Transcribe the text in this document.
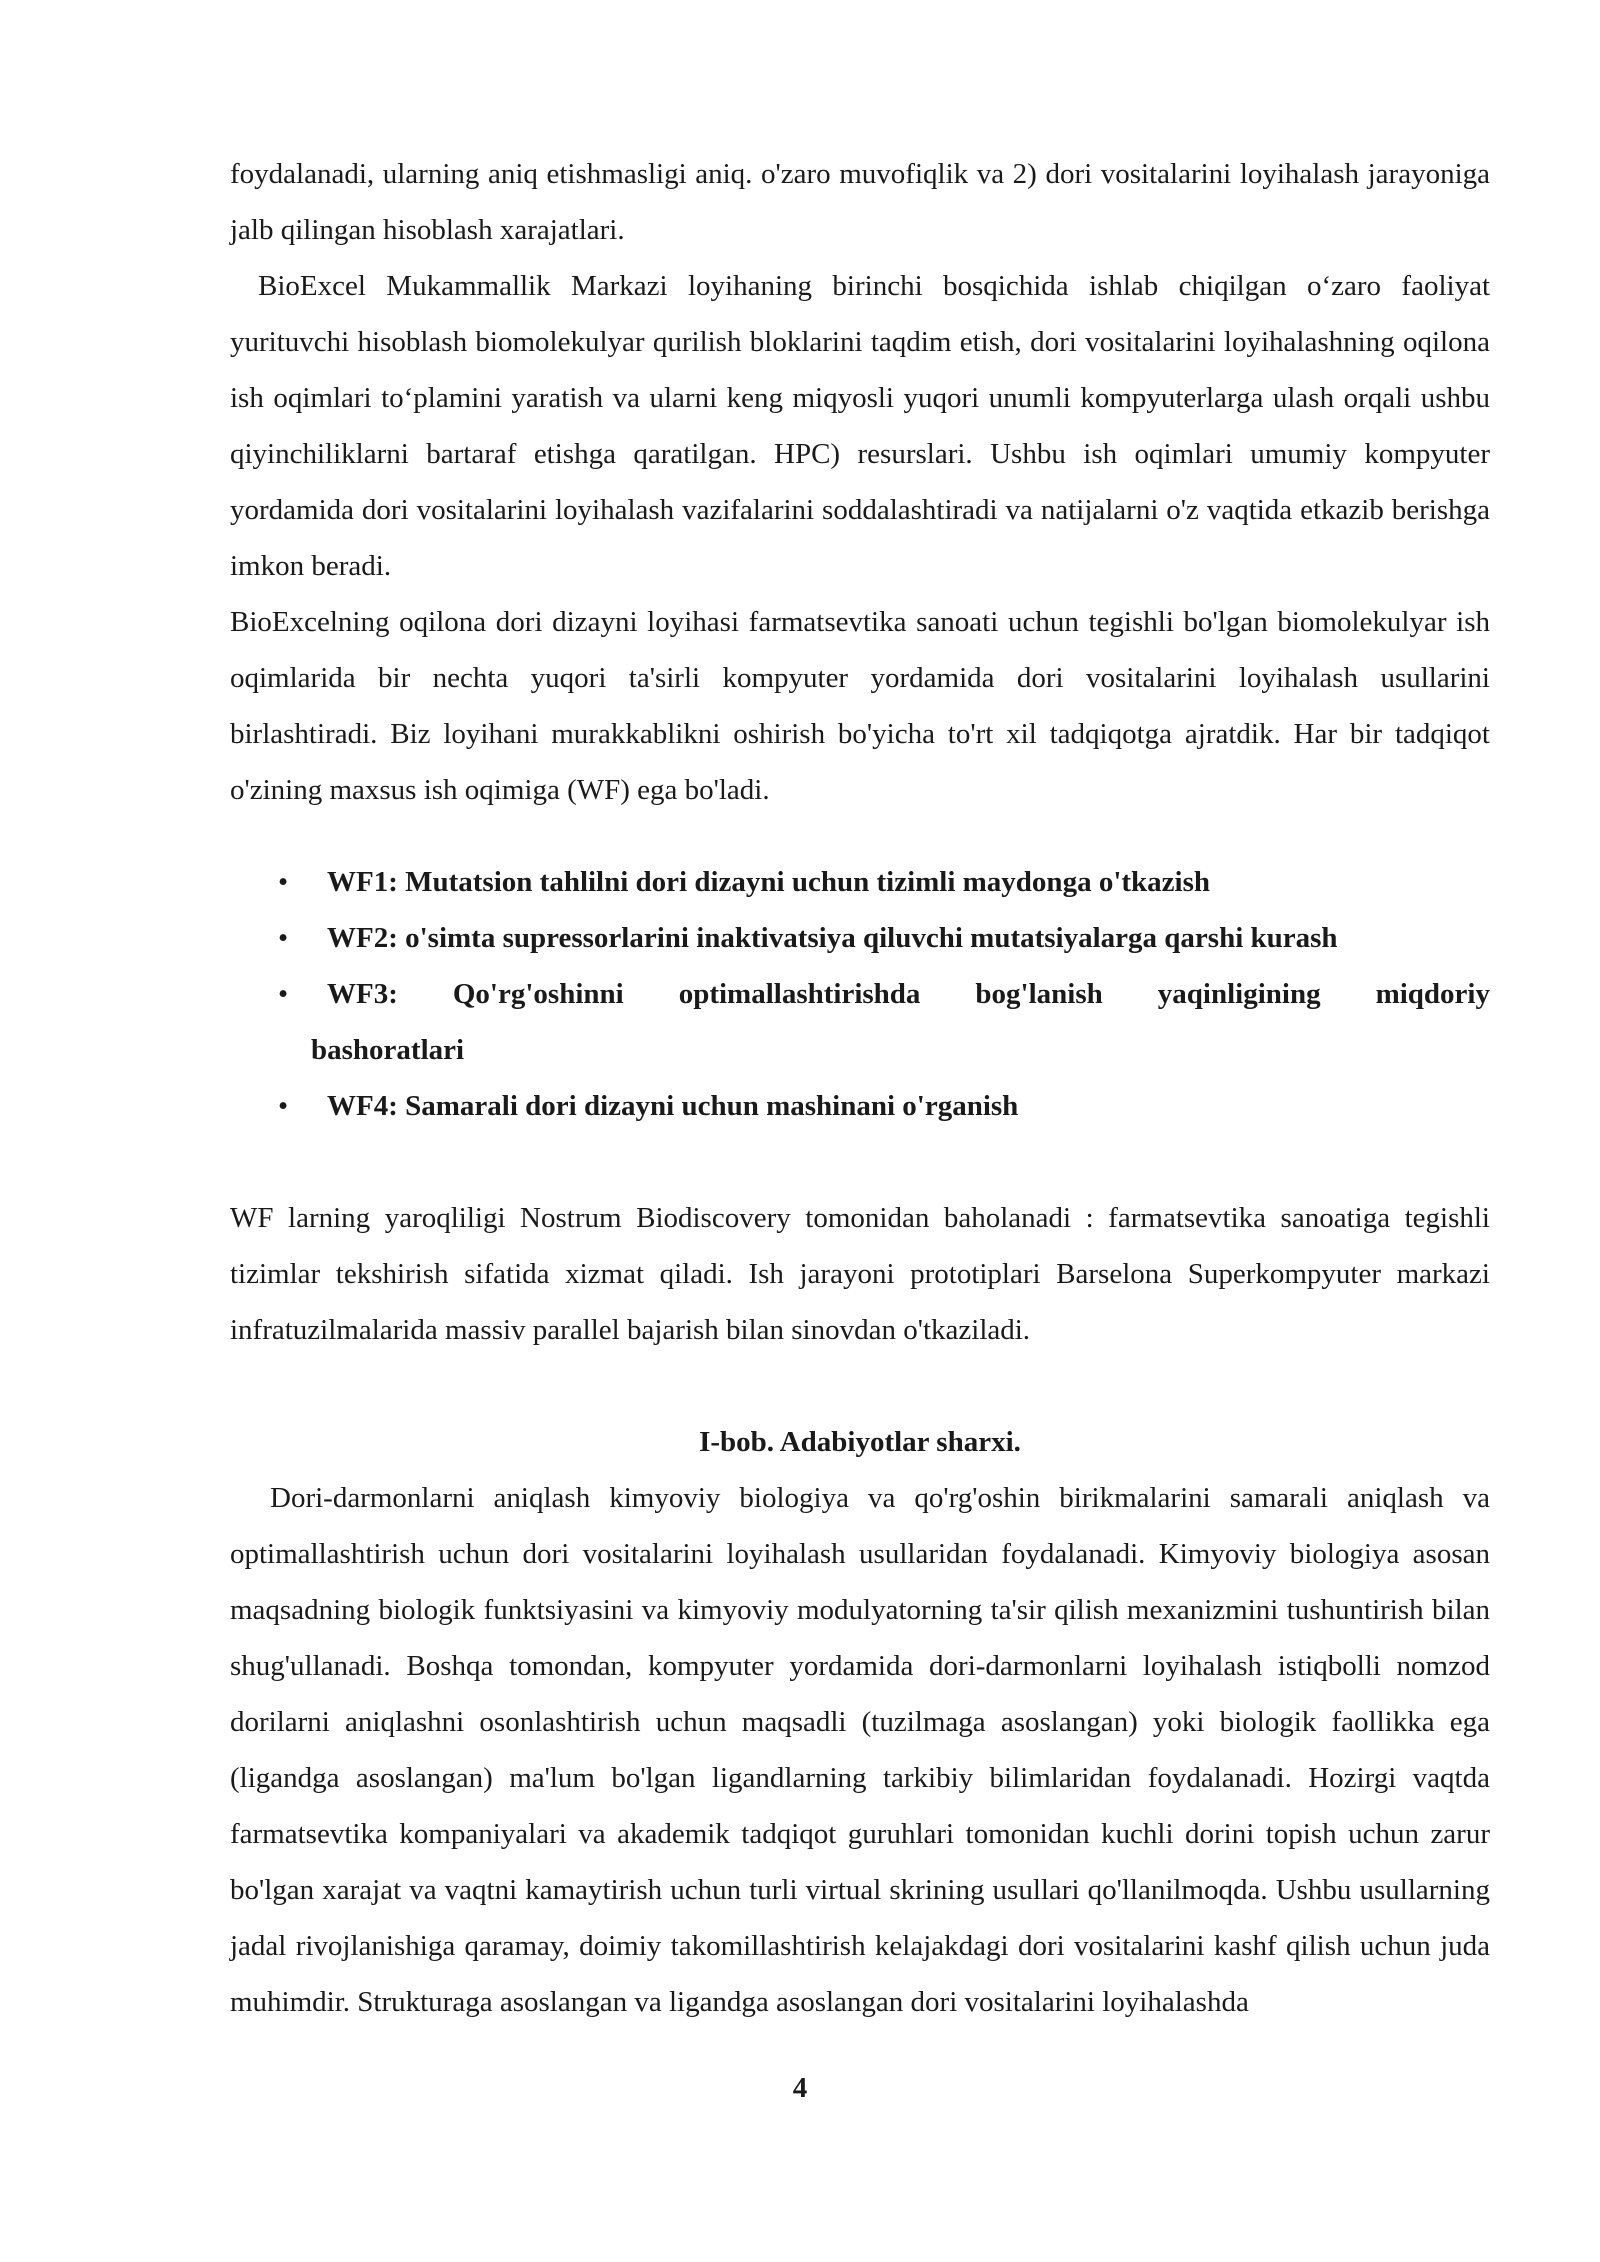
foydalanadi, ularning aniq etishmasligi aniq. o'zaro muvofiqlik va 2) dori vositalarini loyihalash jarayoniga jalb qilingan hisoblash xarajatlari.

BioExcel Mukammallik Markazi loyihaning birinchi bosqichida ishlab chiqilgan o‘zaro faoliyat yurituvchi hisoblash biomolekulyar qurilish bloklarini taqdim etish, dori vositalarini loyihalashning oqilona ish oqimlari to‘plamini yaratish va ularni keng miqyosli yuqori unumli kompyuterlarga ulash orqali ushbu qiyinchiliklarni bartaraf etishga qaratilgan. HPC) resurslari. Ushbu ish oqimlari umumiy kompyuter yordamida dori vositalarini loyihalash vazifalarini soddalashtiradi va natijalarni o'z vaqtida etkazib berishga imkon beradi.

BioExcelning oqilona dori dizayni loyihasi farmatsevtika sanoati uchun tegishli bo'lgan biomolekulyar ish oqimlarida bir nechta yuqori ta'sirli kompyuter yordamida dori vositalarini loyihalash usullarini birlashtiradi. Biz loyihani murakkablikni oshirish bo'yicha to'rt xil tadqiqotga ajratdik. Har bir tadqiqot o'zining maxsus ish oqimiga (WF) ega bo'ladi.

• WF1: Mutatsion tahlilni dori dizayni uchun tizimli maydonga o'tkazish
• WF2: o'simta supressorlarini inaktivatsiya qiluvchi mutatsiyalarga qarshi kurash
• WF3: Qo'rg'oshinni optimallashtirishda bog'lanish yaqinligining miqdoriy
bashoratlari
• WF4: Samarali dori dizayni uchun mashinani o'rganish

WF larning yaroqliligi Nostrum Biodiscovery tomonidan baholanadi : farmatsevtika sanoatiga tegishli tizimlar tekshirish sifatida xizmat qiladi. Ish jarayoni prototiplari Barselona Superkompyuter markazi infratuzilmalarida massiv parallel bajarish bilan sinovdan o'tkaziladi.

I-bob. Adabiyotlar sharxi.

Dori-darmonlarni aniqlash kimyoviy biologiya va qo'rg'oshin birikmalarini samarali aniqlash va optimallashtirish uchun dori vositalarini loyihalash usullaridan foydalanadi. Kimyoviy biologiya asosan maqsadning biologik funktsiyasini va kimyoviy modulyatorning ta'sir qilish mexanizmini tushuntirish bilan shug'ullanadi. Boshqa tomondan, kompyuter yordamida dori-darmonlarni loyihalash istiqbolli nomzod dorilarni aniqlashni osonlashtirish uchun maqsadli (tuzilmaga asoslangan) yoki biologik faollikka ega (ligandga asoslangan) ma'lum bo'lgan ligandlarning tarkibiy bilimlaridan foydalanadi. Hozirgi vaqtda farmatsevtika kompaniyalari va akademik tadqiqot guruhlari tomonidan kuchli dorini topish uchun zarur bo'lgan xarajat va vaqtni kamaytirish uchun turli virtual skrining usullari qo'llanilmoqda. Ushbu usullarning jadal rivojlanishiga qaramay, doimiy takomillashtirish kelajakdagi dori vositalarini kashf qilish uchun juda muhimdir. Strukturaga asoslangan va ligandga asoslangan dori vositalarini loyihalashda

4
